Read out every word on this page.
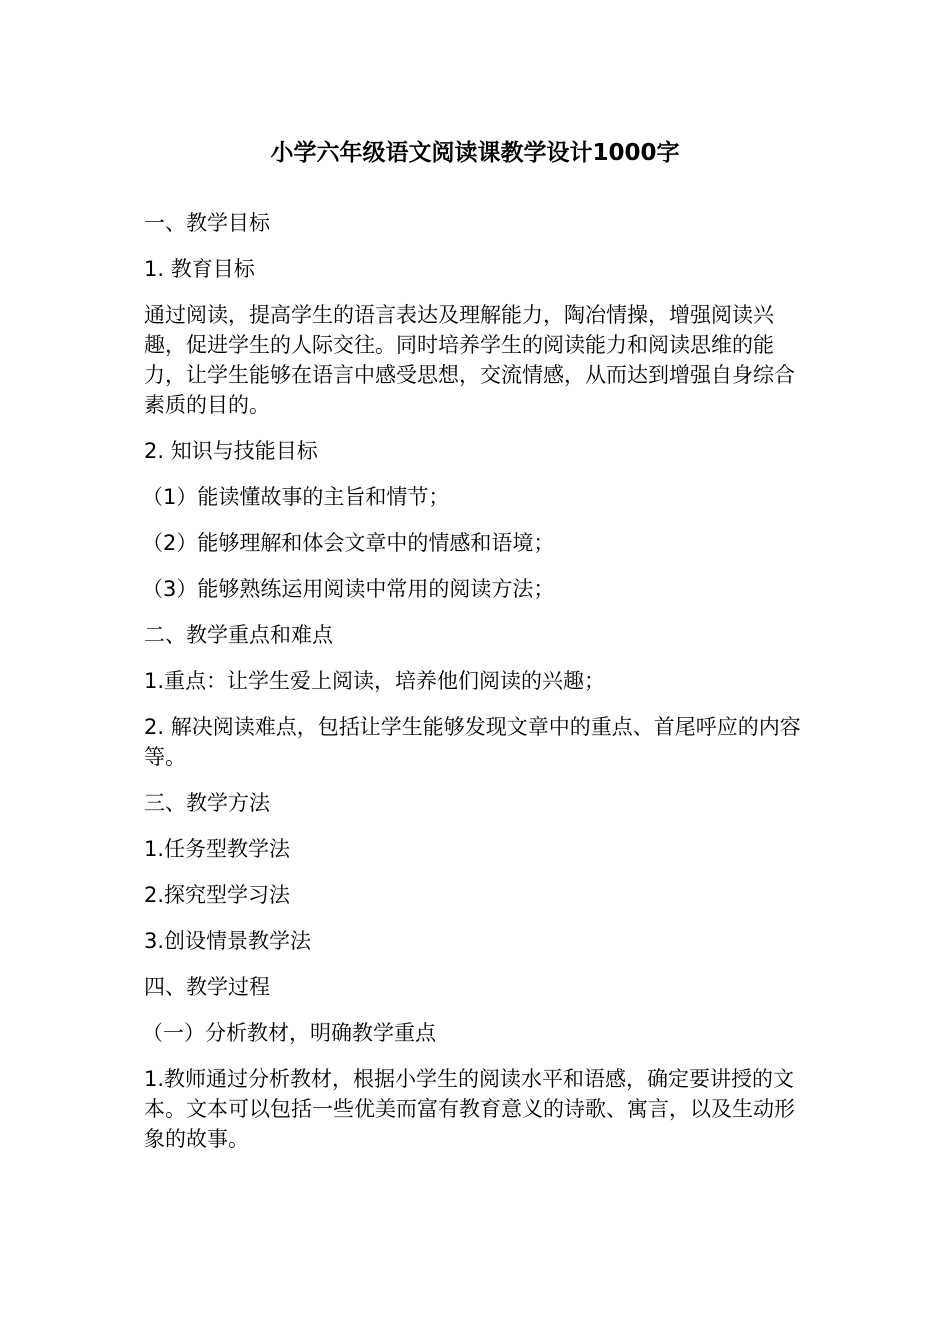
小学六年级语文阅读课教学设计1000字

一、教学目标

1. 教育目标

通过阅读，提高学生的语言表达及理解能力，陶冶情操，增强阅读兴趣，促进学生的人际交往。同时培养学生的阅读能力和阅读思维的能力，让学生能够在语言中感受思想，交流情感，从而达到增强自身综合素质的目的。

2. 知识与技能目标

（1）能读懂故事的主旨和情节；

（2）能够理解和体会文章中的情感和语境；

（3）能够熟练运用阅读中常用的阅读方法；

二、教学重点和难点

1.重点：让学生爱上阅读，培养他们阅读的兴趣；

2. 解决阅读难点，包括让学生能够发现文章中的重点、首尾呼应的内容等。

三、教学方法

1.任务型教学法

2.探究型学习法

3.创设情景教学法

四、教学过程

（一）分析教材，明确教学重点

1.教师通过分析教材，根据小学生的阅读水平和语感，确定要讲授的文本。文本可以包括一些优美而富有教育意义的诗歌、寓言，以及生动形象的故事。
